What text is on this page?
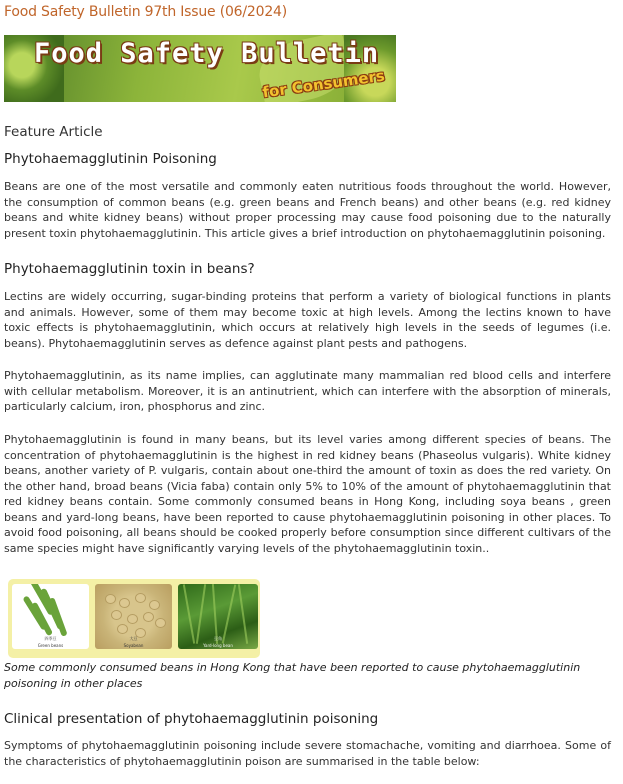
Food Safety Bulletin 97th Issue (06/2024)
Food Safety Bulletin
for Consumers
Feature Article
Phytohaemagglutinin Poisoning

Beans are one of the most versatile and commonly eaten nutritious foods throughout the world. However, the consumption of common beans (e.g. green beans and French beans) and other beans (e.g. red kidney beans and white kidney beans) without proper processing may cause food poisoning due to the naturally present toxin phytohaemagglutinin. This article gives a brief introduction on phytohaemagglutinin poisoning.

Phytohaemagglutinin toxin in beans?

Lectins are widely occurring, sugar-binding proteins that perform a variety of biological functions in plants and animals. However, some of them may become toxic at high levels. Among the lectins known to have toxic effects is phytohaemagglutinin, which occurs at relatively high levels in the seeds of legumes (i.e. beans). Phytohaemagglutinin serves as defence against plant pests and pathogens.

Phytohaemagglutinin, as its name implies, can agglutinate many mammalian red blood cells and interfere with cellular metabolism. Moreover, it is an antinutrient, which can interfere with the absorption of minerals, particularly calcium, iron, phosphorus and zinc.

Phytohaemagglutinin is found in many beans, but its level varies among different species of beans. The concentration of phytohaemagglutinin is the highest in red kidney beans (Phaseolus vulgaris). White kidney beans, another variety of P. vulgaris, contain about one-third the amount of toxin as does the red variety. On the other hand, broad beans (Vicia faba) contain only 5% to 10% of the amount of phytohaemagglutinin that red kidney beans contain. Some commonly consumed beans in Hong Kong, including soya beans , green beans and yard-long beans, have been reported to cause phytohaemagglutinin poisoning in other places. To avoid food poisoning, all beans should be cooked properly before consumption since different cultivars of the same species might have significantly varying levels of the phytohaemagglutinin toxin..

四季豆
Green beans
大豆
Soyabean
豆角
Yard-long bean
Some commonly consumed beans in Hong Kong that have been reported to cause phytohaemagglutinin poisoning in other places
Clinical presentation of phytohaemagglutinin poisoning

Symptoms of phytohaemagglutinin poisoning include severe stomachache, vomiting and diarrhoea. Some of the characteristics of phytohaemagglutinin poison are summarised in the table below:
